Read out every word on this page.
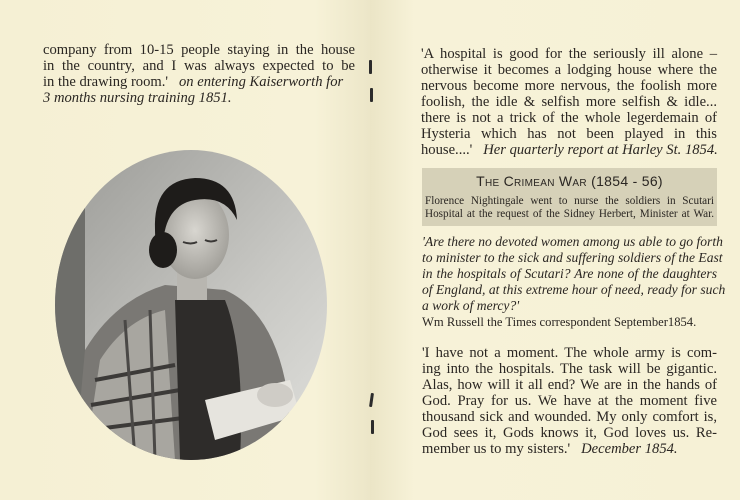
company from 10-15 people staying in the house
in the country, and I was always expected to be
in the drawing room.' on entering Kaiserworth for
3 months nursing training 1851.
'A hospital is good for the seriously ill alone –
otherwise it becomes a lodging house where the
nervous become more nervous, the foolish more
foolish, the idle & selfish more selfish & idle...
there is not a trick of the whole legerdemain of
Hysteria which has not been played in this
house....' Her quarterly report at Harley St. 1854.
The Crimean War (1854 - 56)
Florence Nightingale went to nurse the soldiers in Scutari
Hospital at the request of the Sidney Herbert, Minister at War.
'Are there no devoted women among us able to go forth
to minister to the sick and suffering soldiers of the East
in the hospitals of Scutari? Are none of the daughters
of England, at this extreme hour of need, ready for such
a work of mercy?'
Wm Russell the Times correspondent September1854.
'I have not a moment. The whole army is com-
ing into the hospitals. The task will be gigantic.
Alas, how will it all end? We are in the hands of
God. Pray for us. We have at the moment five
thousand sick and wounded. My only comfort is,
God sees it, Gods knows it, God loves us. Re-
member us to my sisters.' December 1854.
